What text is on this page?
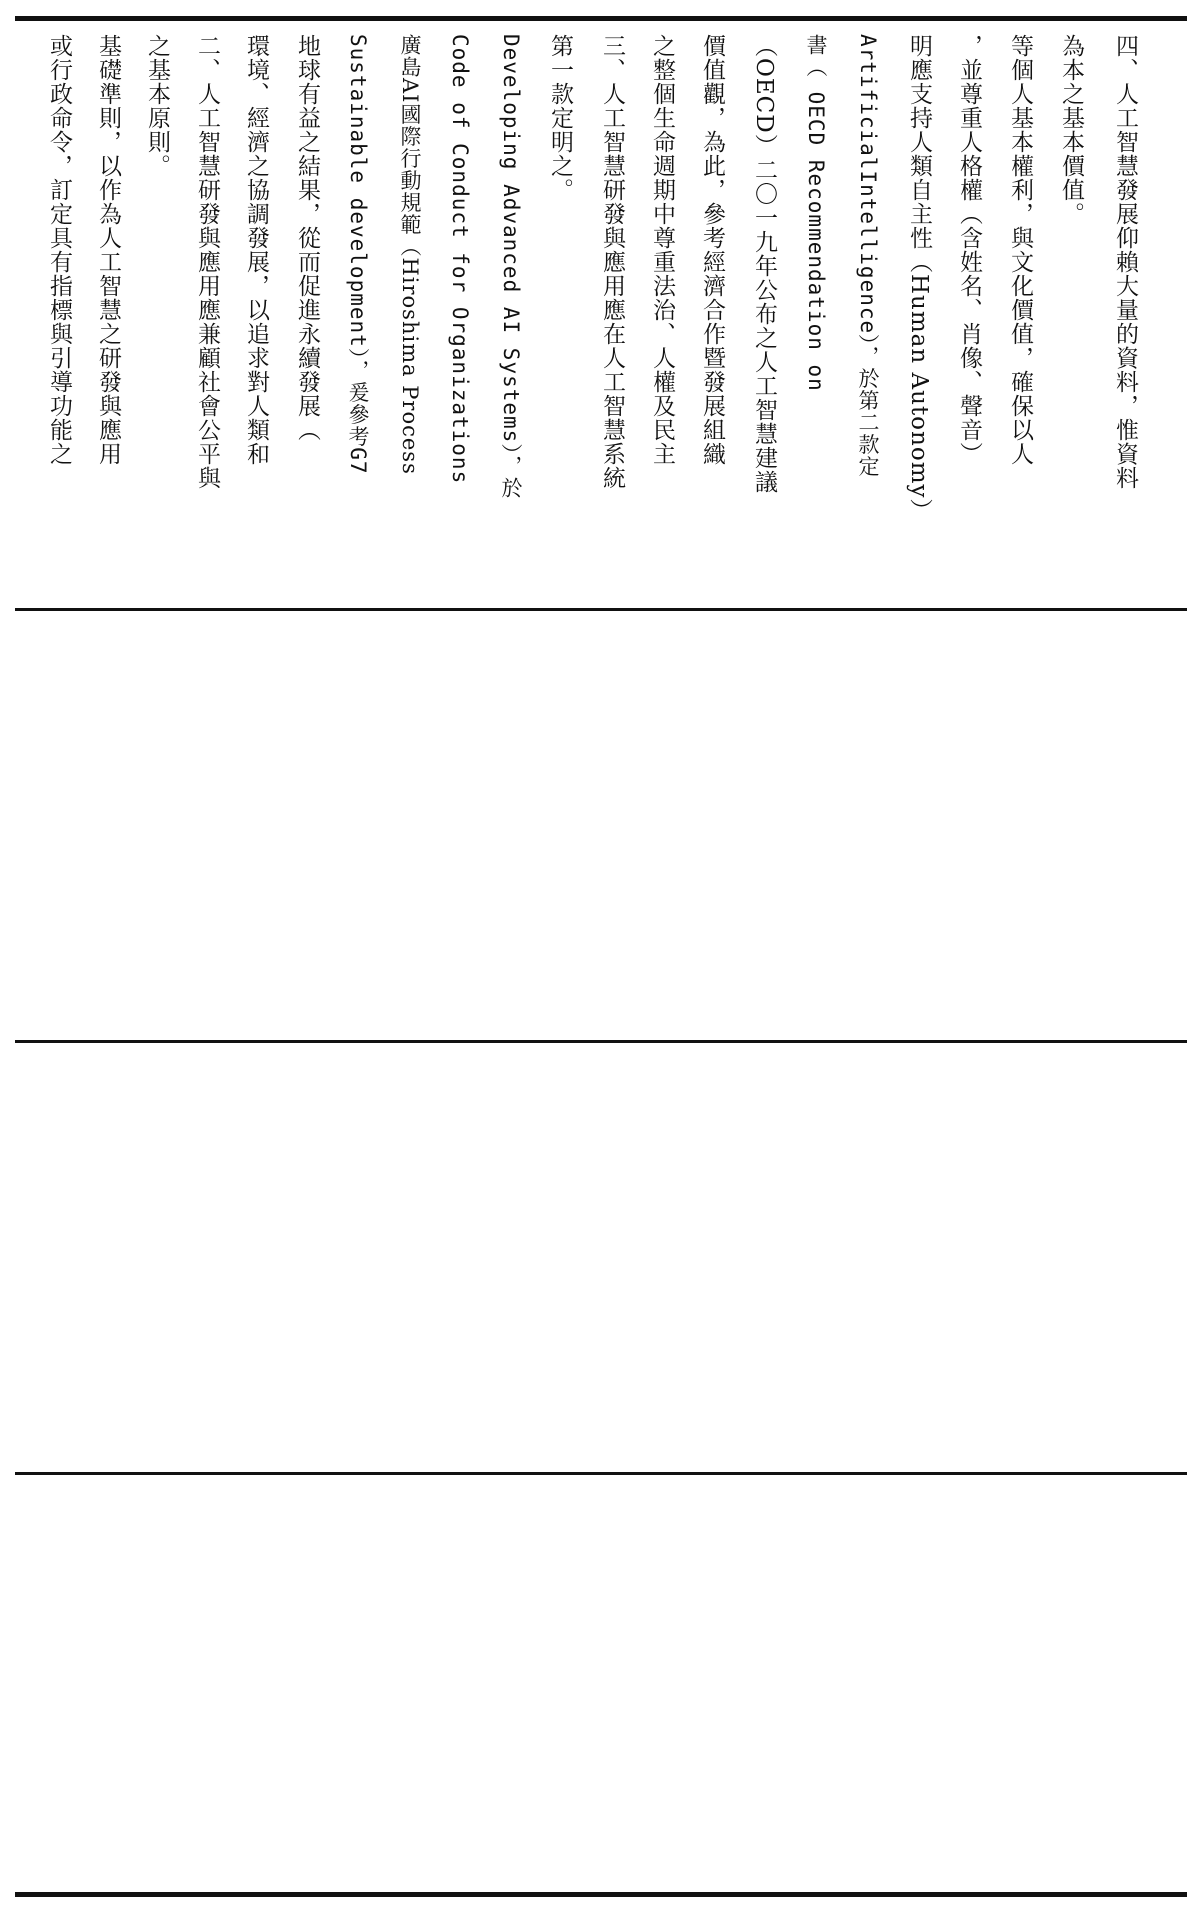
或行政命令，訂定具有指標與引導功能之 基礎準則，以作為人工智慧之研發與應用 之基本原則。 二、人工智慧研發與應用應兼顧社會公平與 環境、經濟之協調發展，以追求對人類和 地球有益之結果，從而促進永續發展（ Sustainable development），爰參考G7 廣島AI國際行動規範（Hiroshima Process Code of Conduct for Organizations Developing Advanced AI Systems），於 第一款定明之。 三、人工智慧研發與應用應在人工智慧系統 之整個生命週期中尊重法治、人權及民主 價值觀，為此，參考經濟合作暨發展組織 （OECD）二〇一九年公布之人工智慧建議 書（ OECD Recommendation on ArtificialIntelligence），於第二款定 明應支持人類自主性（Human Autonomy） ，並尊重人格權（含姓名、肖像、聲音） 等個人基本權利，與文化價值，確保以人 為本之基本價值。 四、人工智慧發展仰賴大量的資料，惟資料
